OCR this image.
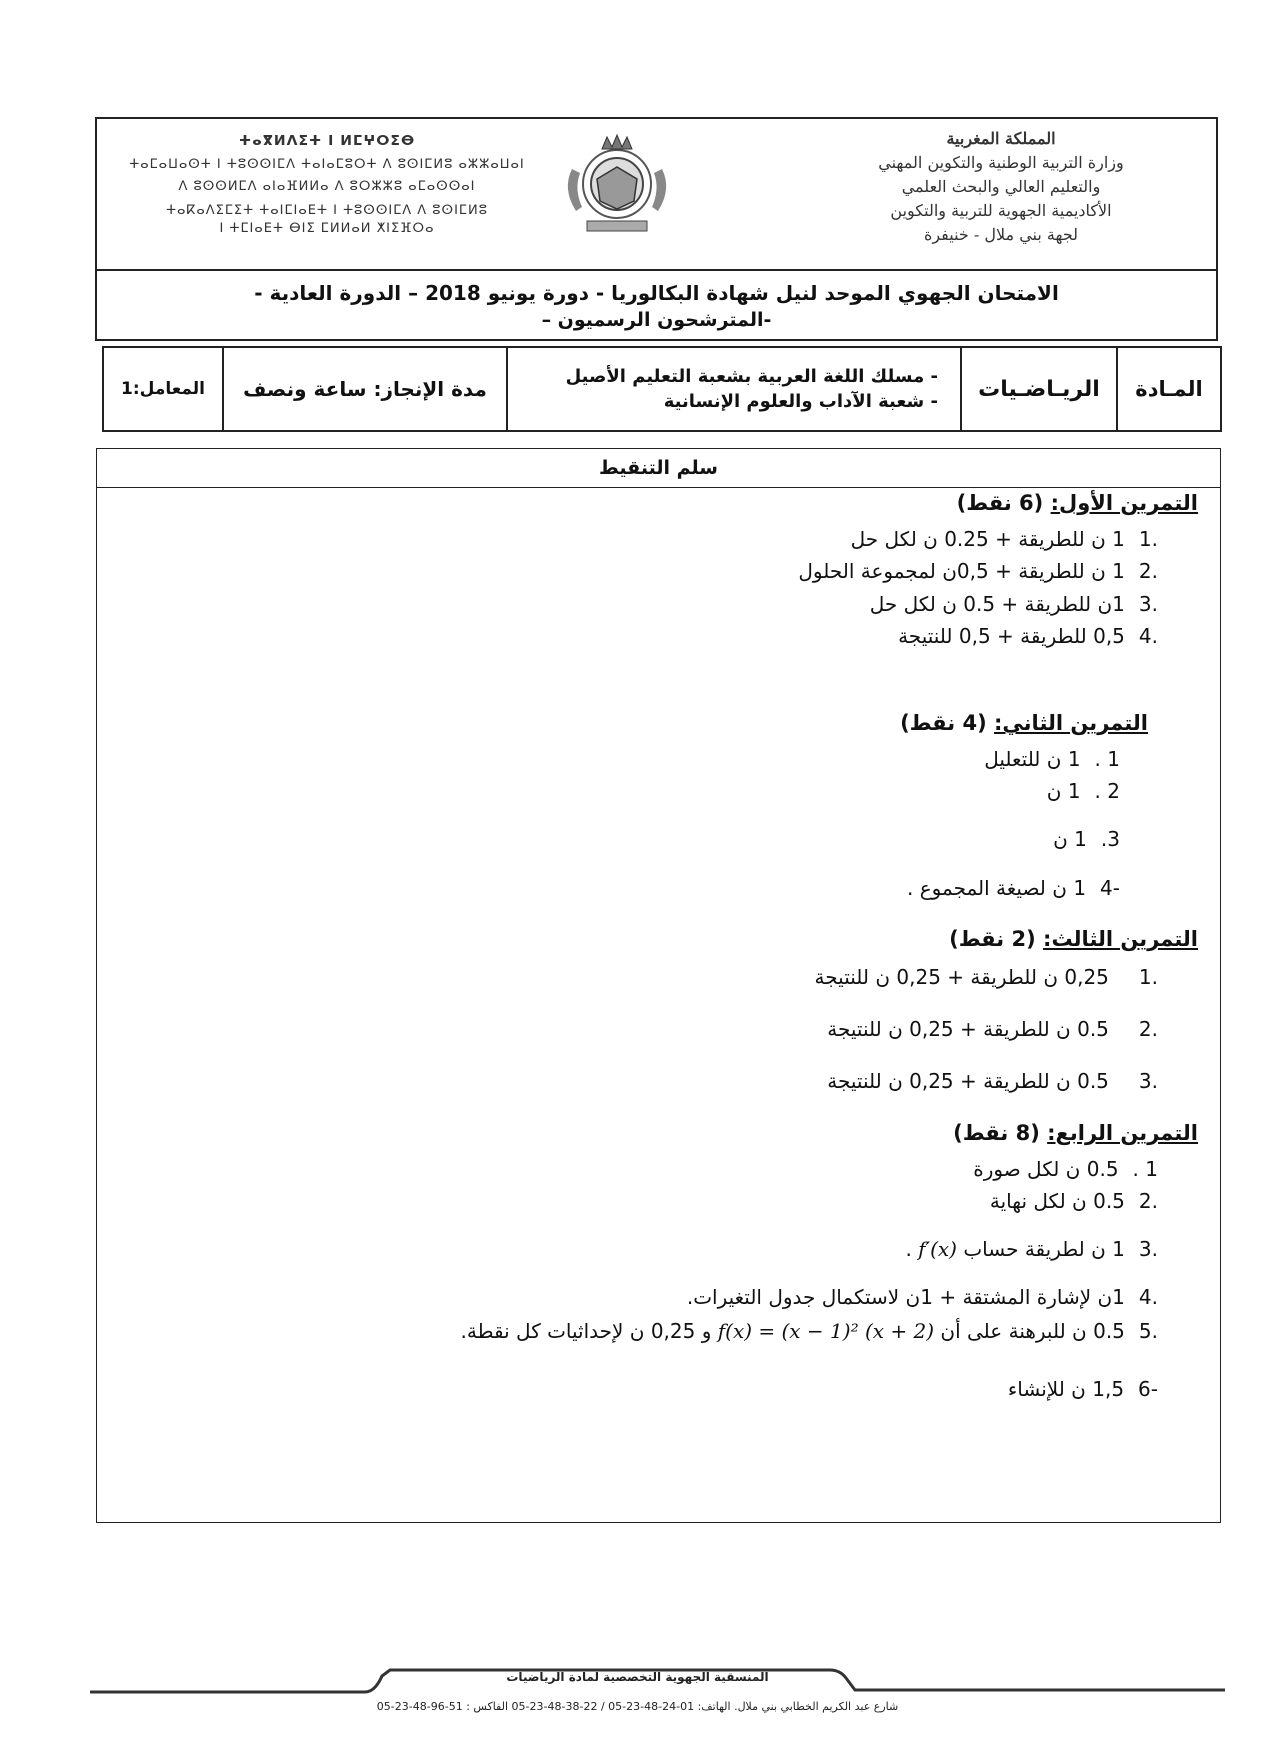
المملكة المغربية
وزارة التربية الوطنية والتكوين المهني
والتعليم العالي والبحث العلمي
الأكاديمية الجهوية للتربية والتكوين
لجهة بني ملال - خنيفرة
ⵜⴰⴳⵍⴷⵉⵜ ⵏ ⵍⵎⵖⵔⵉⴱ
ⵜⴰⵎⴰⵡⴰⵙⵜ ⵏ ⵜⵓⵙⵙⵏⵎⴷ ⵜⴰⵏⴰⵎⵓⵔⵜ ⴷ ⵓⵙⵏⵎⵍⵓ ⴰⵣⵣⴰⵡⴰⵏ
ⴷ ⵓⵙⵙⵍⵎⴷ ⴰⵏⴰⴼⵍⵍⴰ ⴷ ⵓⵔⵣⵣⵓ ⴰⵎⴰⵙⵙⴰⵏ
ⵜⴰⴽⴰⴷⵉⵎⵉⵜ ⵜⴰⵏⵎⵏⴰⴹⵜ ⵏ ⵜⵓⵙⵙⵏⵎⴷ ⴷ ⵓⵙⵏⵎⵍⵓ
ⵏ ⵜⵎⵏⴰⴹⵜ ⴱⵏⵉ ⵎⵍⵍⴰⵍ ⵅⵏⵉⴼⵔⴰ
الامتحان الجهوي الموحد لنيل شهادة البكالوريا - دورة يونيو 2018 – الدورة العادية -
-المترشحون الرسميون –
المعامل:1 مدة الإنجاز: ساعة ونصف
- مسلك اللغة العربية بشعبة التعليم الأصيل
- شعبة الآداب والعلوم الإنسانية الريـاضـيات المـادة
سلم التنقيط
التمرين الأول: (6 نقط)
.11 ن للطريقة + 0.25 ن لكل حل
.21 ن للطريقة + 0,5ن لمجموعة الحلول
.31ن للطريقة + 0.5 ن لكل حل
.40,5 للطريقة + 0,5 للنتيجة
التمرين الثاني: (4 نقط)
1 .1 ن للتعليل
2 .1 ن
3.1 ن
-41 ن لصيغة المجموع .
التمرين الثالث: (2 نقط)
.10,25 ن للطريقة + 0,25 ن للنتيجة
.20.5 ن للطريقة + 0,25 ن للنتيجة
.30.5 ن للطريقة + 0,25 ن للنتيجة
التمرين الرابع: (8 نقط)
1 .0.5 ن لكل صورة
.20.5 ن لكل نهاية
.31 ن لطريقة حساب f′(x) .
.41ن لإشارة المشتقة + 1ن لاستكمال جدول التغيرات.
.50.5 ن للبرهنة على أن f(x) = (x − 1)² (x + 2) و 0,25 ن لإحداثيات كل نقطة.
-61,5 ن للإنشاء
المنسقية الجهوية التخصصية لمادة الرياضيات
شارع عبد الكريم الخطابي بني ملال. الهاتف: 01-24-48-23-05 / 22-38-48-23-05 الفاكس : 51-96-48-23-05
